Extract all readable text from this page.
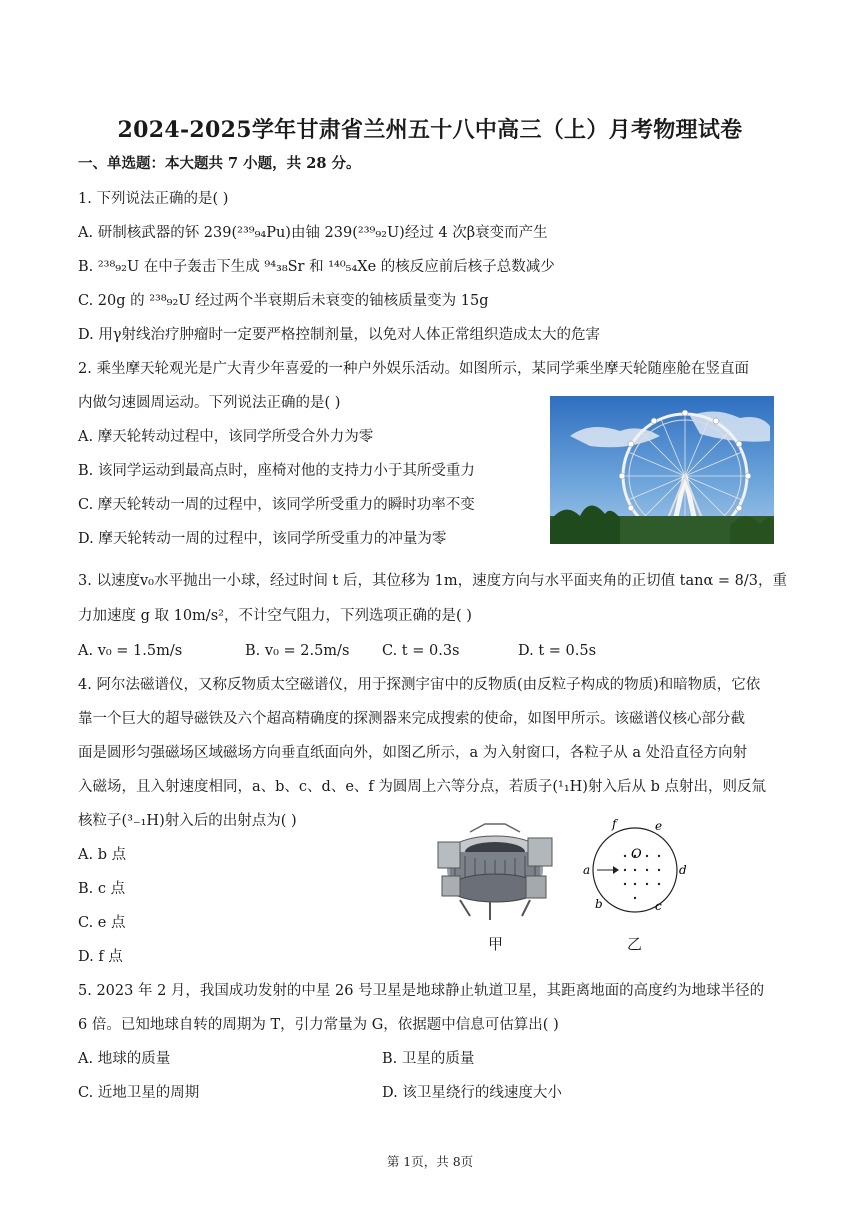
2024-2025学年甘肃省兰州五十八中高三（上）月考物理试卷
一、单选题：本大题共 7 小题，共 28 分。
1. 下列说法正确的是( )
A. 研制核武器的钚 239(²³⁹₉₄Pu)由铀 239(²³⁹₉₂U)经过 4 次β衰变而产生
B. ²³⁸₉₂U 在中子轰击下生成 ⁹⁴₃₈Sr 和 ¹⁴⁰₅₄Xe 的核反应前后核子总数减少
C. 20g 的 ²³⁸₉₂U 经过两个半衰期后未衰变的铀核质量变为 15g
D. 用γ射线治疗肿瘤时一定要严格控制剂量，以免对人体正常组织造成太大的危害
2. 乘坐摩天轮观光是广大青少年喜爱的一种户外娱乐活动。如图所示，某同学乘坐摩天轮随座舱在竖直面
内做匀速圆周运动。下列说法正确的是( )
A. 摩天轮转动过程中，该同学所受合外力为零
B. 该同学运动到最高点时，座椅对他的支持力小于其所受重力
C. 摩天轮转动一周的过程中，该同学所受重力的瞬时功率不变
D. 摩天轮转动一周的过程中，该同学所受重力的冲量为零
3. 以速度v₀水平抛出一小球，经过时间 t 后，其位移为 1m，速度方向与水平面夹角的正切值 tanα = 8/3，重
力加速度 g 取 10m/s²，不计空气阻力，下列选项正确的是( )
A. v₀ = 1.5m/s	B. v₀ = 2.5m/s C. t = 0.3s	D. t = 0.5s
4. 阿尔法磁谱仪，又称反物质太空磁谱仪，用于探测宇宙中的反物质(由反粒子构成的物质)和暗物质，它依
靠一个巨大的超导磁铁及六个超高精确度的探测器来完成搜索的使命，如图甲所示。该磁谱仪核心部分截
面是圆形匀强磁场区域磁场方向垂直纸面向外，如图乙所示，a 为入射窗口，各粒子从 a 处沿直径方向射
入磁场，且入射速度相同，a、b、c、d、e、f 为圆周上六等分点，若质子(¹₁H)射入后从 b 点射出，则反氚
核粒子(³₋₁H)射入后的出射点为( )
A. b 点
B. c 点
C. e 点
D. f 点
f	e
O
a	d
b	c
甲	乙
5. 2023 年 2 月，我国成功发射的中星 26 号卫星是地球静止轨道卫星，其距离地面的高度约为地球半径的
6 倍。已知地球自转的周期为 T，引力常量为 G，依据题中信息可估算出( )
A. 地球的质量	B. 卫星的质量
C. 近地卫星的周期	D. 该卫星绕行的线速度大小
第 1页，共 8页
